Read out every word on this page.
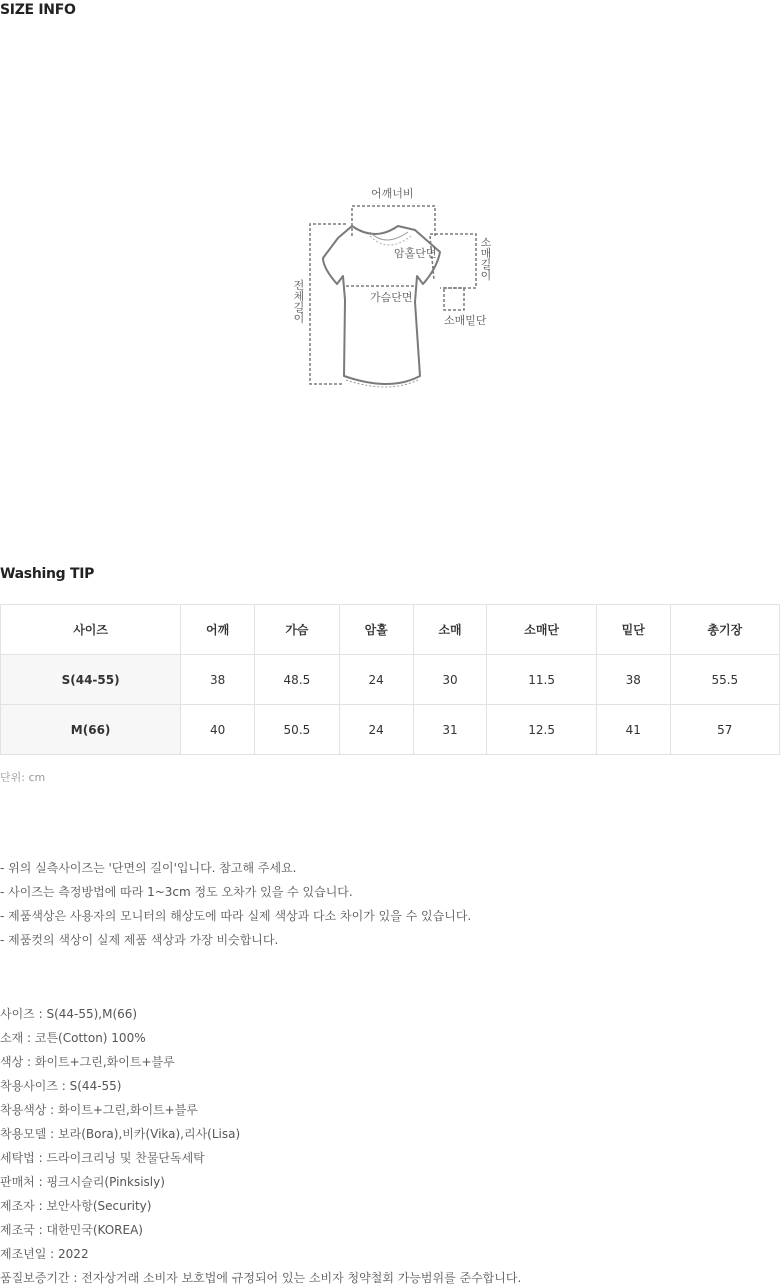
SIZE INFO
어깨너비
암홀단면
가슴단면
소매밑단
소매길이
전체길이
Washing TIP
사이즈	어깨	가슴	암홀	소매	소매단	밑단	총기장
S(44-55)	38	48.5	24	30	11.5	38	55.5
M(66)	40	50.5	24	31	12.5	41	57
단위: cm
- 위의 실측사이즈는 '단면의 길이'입니다. 참고해 주세요.
- 사이즈는 측정방법에 따라 1~3cm 정도 오차가 있을 수 있습니다.
- 제품색상은 사용자의 모니터의 해상도에 따라 실제 색상과 다소 차이가 있을 수 있습니다.
- 제품컷의 색상이 실제 제품 색상과 가장 비슷합니다.
사이즈 : S(44-55),M(66)
소재 : 코튼(Cotton) 100%
색상 : 화이트+그린,화이트+블루
착용사이즈 : S(44-55)
착용색상 : 화이트+그린,화이트+블루
착용모델 : 보라(Bora),비카(Vika),리사(Lisa)
세탁법 : 드라이크리닝 및 찬물단독세탁
판매처 : 핑크시슬리(Pinksisly)
제조자 : 보안사항(Security)
제조국 : 대한민국(KOREA)
제조년일 : 2022
품질보증기간 : 전자상거래 소비자 보호법에 규정되어 있는 소비자 청약철회 가능범위를 준수합니다.
